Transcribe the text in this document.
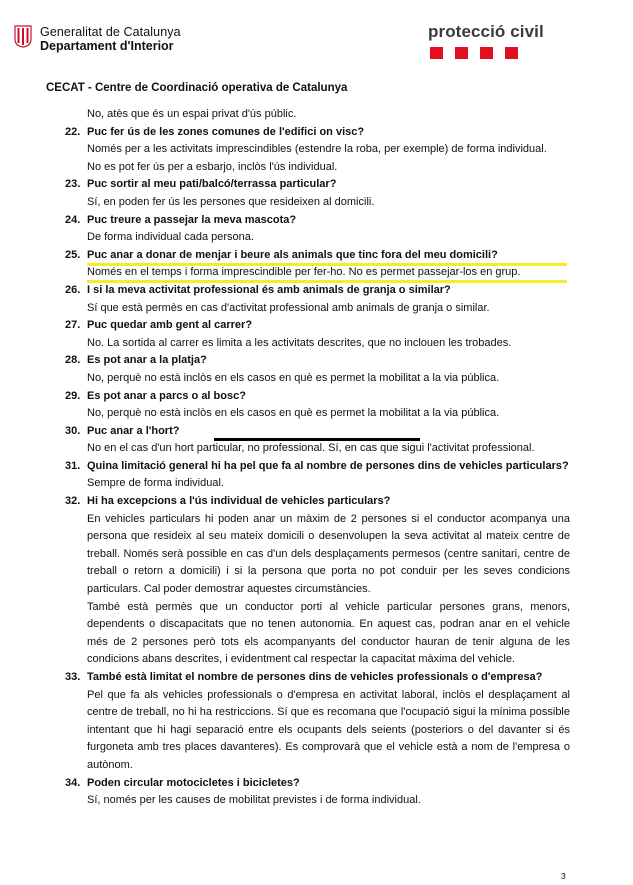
Generalitat de Catalunya
Departament d'Interior
protecció civil
CECAT - Centre de Coordinació operativa de Catalunya
No, atès que és un espai privat d'ús públic.
22. Puc fer ús de les zones comunes de l'edifici on visc?
Només per a les activitats imprescindibles (estendre la roba, per exemple) de forma individual.
No es pot fer ús per a esbarjo, inclòs l'ús individual.
23. Puc sortir al meu pati/balcó/terrassa particular?
Sí, en poden fer ús les persones que resideixen al domicili.
24. Puc treure a passejar la meva mascota?
De forma individual cada persona.
25. Puc anar a donar de menjar i beure als animals que tinc fora del meu domicili?
Només en el temps i forma imprescindible per fer-ho. No es permet passejar-los en grup.
26. I si la meva activitat professional és amb animals de granja o similar?
Sí que està permès en cas d'activitat professional amb animals de granja o similar.
27. Puc quedar amb gent al carrer?
No. La sortida al carrer es limita a les activitats descrites, que no inclouen les trobades.
28. Es pot anar a la platja?
No, perquè no està inclòs en els casos en què es permet la mobilitat a la via pública.
29. Es pot anar a parcs o al bosc?
No, perquè no està inclòs en els casos en què es permet la mobilitat a la via pública.
30. Puc anar a l'hort?
No en el cas d'un hort particular, no professional. Sí, en cas que sigui l'activitat professional.
31. Quina limitació general hi ha pel que fa al nombre de persones dins de vehicles particulars?
Sempre de forma individual.
32. Hi ha excepcions a l'ús individual de vehicles particulars?
En vehicles particulars hi poden anar un màxim de 2 persones si el conductor acompanya una persona que resideix al seu mateix domicili o desenvolupen la seva activitat al mateix centre de treball. Només serà possible en cas d'un dels desplaçaments permesos (centre sanitari, centre de treball o retorn a domicili) i si la persona que porta no pot conduir per les seves condicions particulars. Cal poder demostrar aquestes circumstàncies.
També està permès que un conductor porti al vehicle particular persones grans, menors, dependents o discapacitats que no tenen autonomia. En aquest cas, podran anar en el vehicle més de 2 persones però tots els acompanyants del conductor hauran de tenir alguna de les condicions abans descrites, i evidentment cal respectar la capacitat màxima del vehicle.
33. També està limitat el nombre de persones dins de vehicles professionals o d'empresa?
Pel que fa als vehicles professionals o d'empresa en activitat laboral, inclòs el desplaçament al centre de treball, no hi ha restriccions. Sí que es recomana que l'ocupació sigui la mínima possible intentant que hi hagi separació entre els ocupants dels seients (posteriors o del davanter si és furgoneta amb tres places davanteres). Es comprovarà que el vehicle està a nom de l'empresa o autònom.
34. Poden circular motocicletes i bicicletes?
Sí, només per les causes de mobilitat previstes i de forma individual.
3
